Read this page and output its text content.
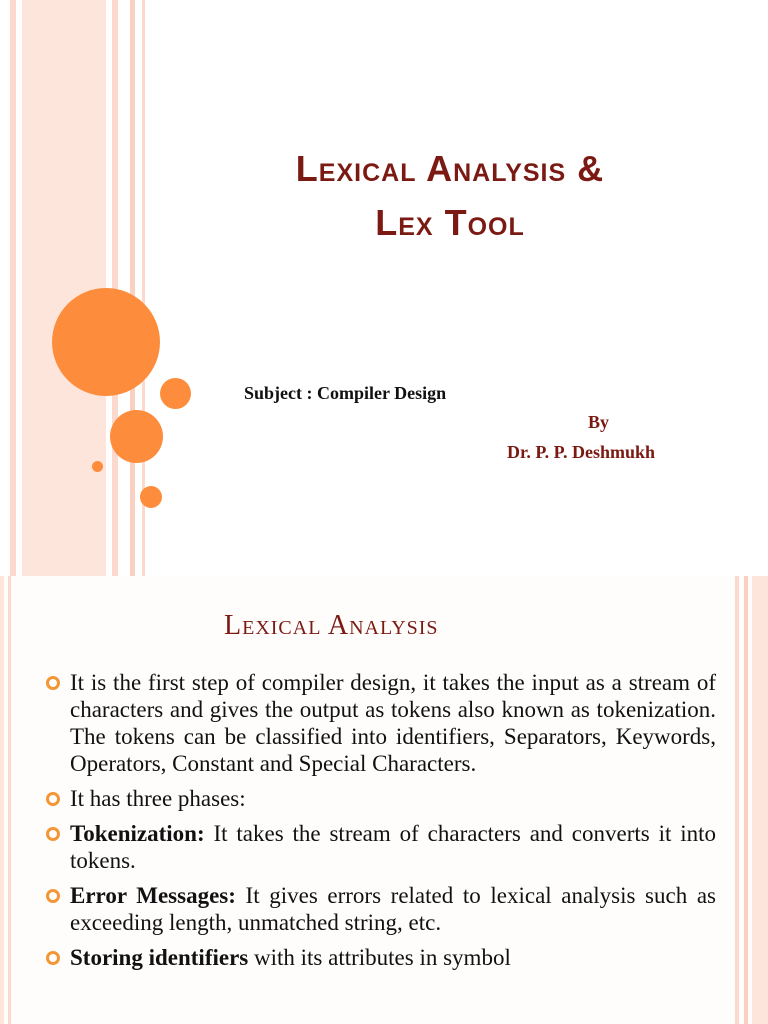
Lexical Analysis &
Lex Tool
Subject : Compiler Design
By
Dr. P. P. Deshmukh
Lexical Analysis
It is the first step of compiler design, it takes the input as a stream of characters and gives the output as tokens also known as tokenization. The tokens can be classified into identifiers, Separators, Keywords, Operators, Constant and Special Characters.
It has three phases:
Tokenization: It takes the stream of characters and converts it into tokens.
Error Messages: It gives errors related to lexical analysis such as exceeding length, unmatched string, etc.
Storing identifiers with its attributes in symbol
